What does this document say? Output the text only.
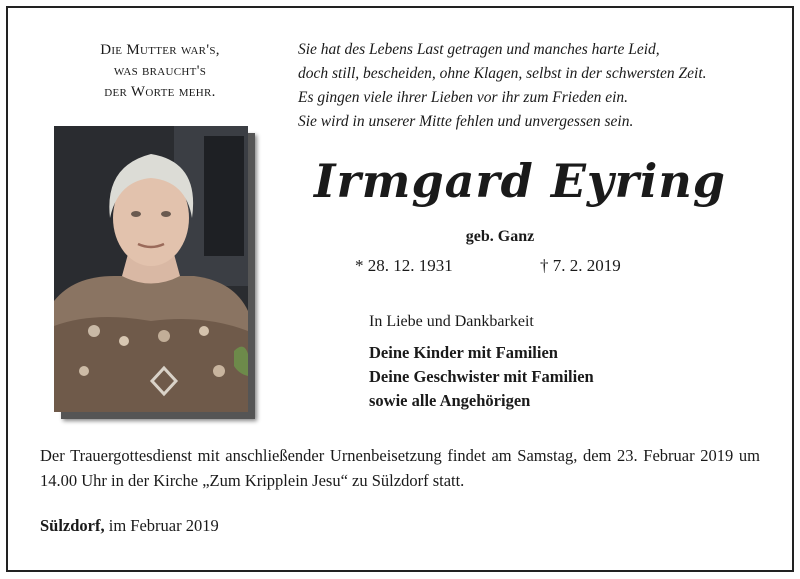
Die Mutter war's,
was braucht's
der Worte mehr.
Sie hat des Lebens Last getragen und manches harte Leid,
doch still, bescheiden, ohne Klagen, selbst in der schwersten Zeit.
Es gingen viele ihrer Lieben vor ihr zum Frieden ein.
Sie wird in unserer Mitte fehlen und unvergessen sein.
Irmgard Eyring
geb. Ganz
* 28. 12. 1931	† 7. 2. 2019
In Liebe und Dankbarkeit
Deine Kinder mit Familien
Deine Geschwister mit Familien
sowie alle Angehörigen
Der Trauergottesdienst mit anschließender Urnenbeisetzung findet am Samstag, dem 23. Februar 2019 um 14.00 Uhr in der Kirche „Zum Kripplein Jesu“ zu Sülzdorf statt.
Sülzdorf, im Februar 2019
